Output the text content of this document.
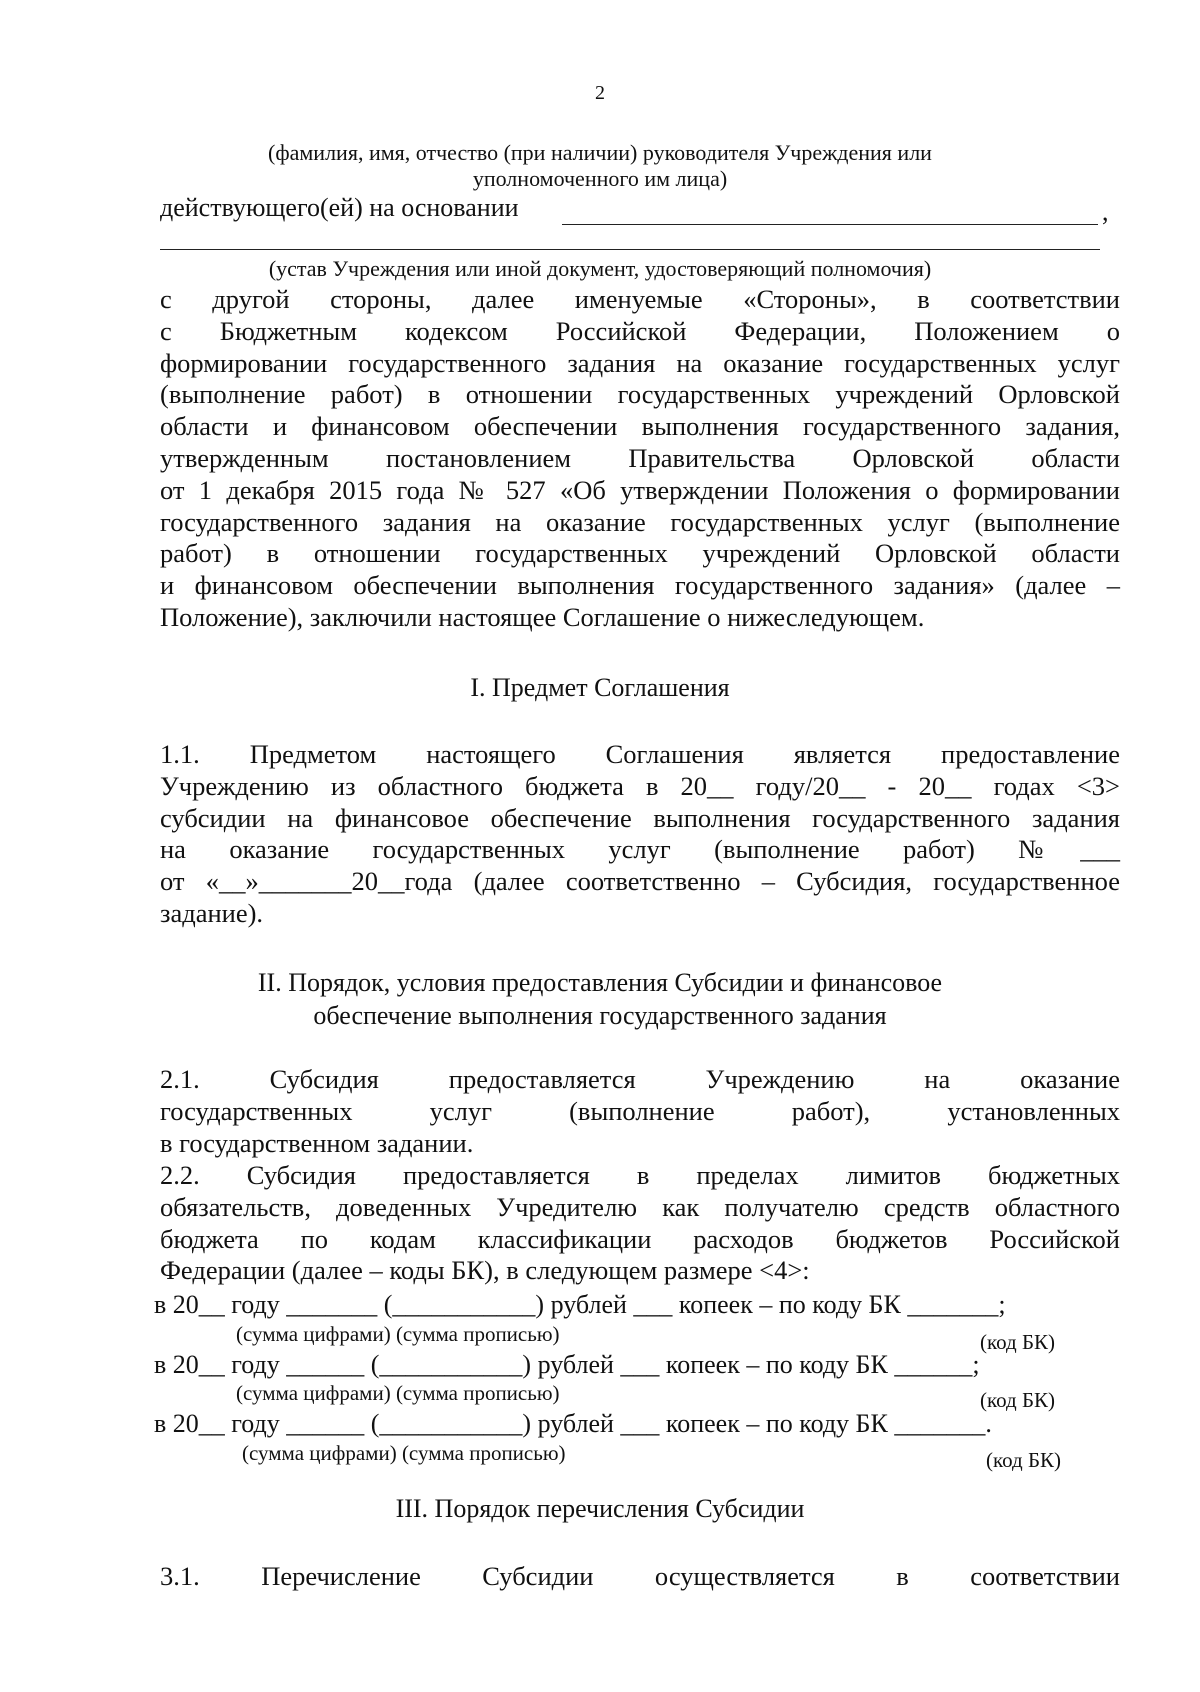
2
(фамилия, имя, отчество (при наличии) руководителя Учреждения или
уполномоченного им лица)
действующего(ей) на основании	,
(устав Учреждения или иной документ, удостоверяющий полномочия)
с другой стороны, далее именуемые «Стороны», в соответствии
с Бюджетным кодексом Российской Федерации, Положением о
формировании государственного задания на оказание государственных услуг
(выполнение работ) в отношении государственных учреждений Орловской
области и финансовом обеспечении выполнения государственного задания,
утвержденным постановлением Правительства Орловской области
от 1 декабря 2015 года № 527 «Об утверждении Положения о формировании
государственного задания на оказание государственных услуг (выполнение
работ) в отношении государственных учреждений Орловской области
и финансовом обеспечении выполнения государственного задания» (далее –
Положение), заключили настоящее Соглашение о нижеследующем.
I. Предмет Соглашения
1.1. Предметом настоящего Соглашения является предоставление
Учреждению из областного бюджета в 20__ году/20__ - 20__ годах <3>
субсидии на финансовое обеспечение выполнения государственного задания
на оказание государственных услуг (выполнение работ) №___
от «__»_______20__года (далее соответственно – Субсидия, государственное
задание).
II. Порядок, условия предоставления Субсидии и финансовое
обеспечение выполнения государственного задания
2.1. Субсидия предоставляется Учреждению на оказание
государственных услуг (выполнение работ), установленных
в государственном задании.
2.2. Субсидия предоставляется в пределах лимитов бюджетных
обязательств, доведенных Учредителю как получателю средств областного
бюджета по кодам классификации расходов бюджетов Российской
Федерации (далее – коды БК), в следующем размере <4>:
в 20__ году _______ (___________) рублей ___ копеек – по коду БК _______;
(сумма цифрами) (сумма прописью)	(код БК)
в 20__ году ______ (___________) рублей ___ копеек – по коду БК ______;
(сумма цифрами) (сумма прописью)	(код БК)
в 20__ году ______ (___________) рублей ___ копеек – по коду БК _______.
(сумма цифрами) (сумма прописью)	(код БК)
III. Порядок перечисления Субсидии
3.1. Перечисление Субсидии осуществляется в соответствии
